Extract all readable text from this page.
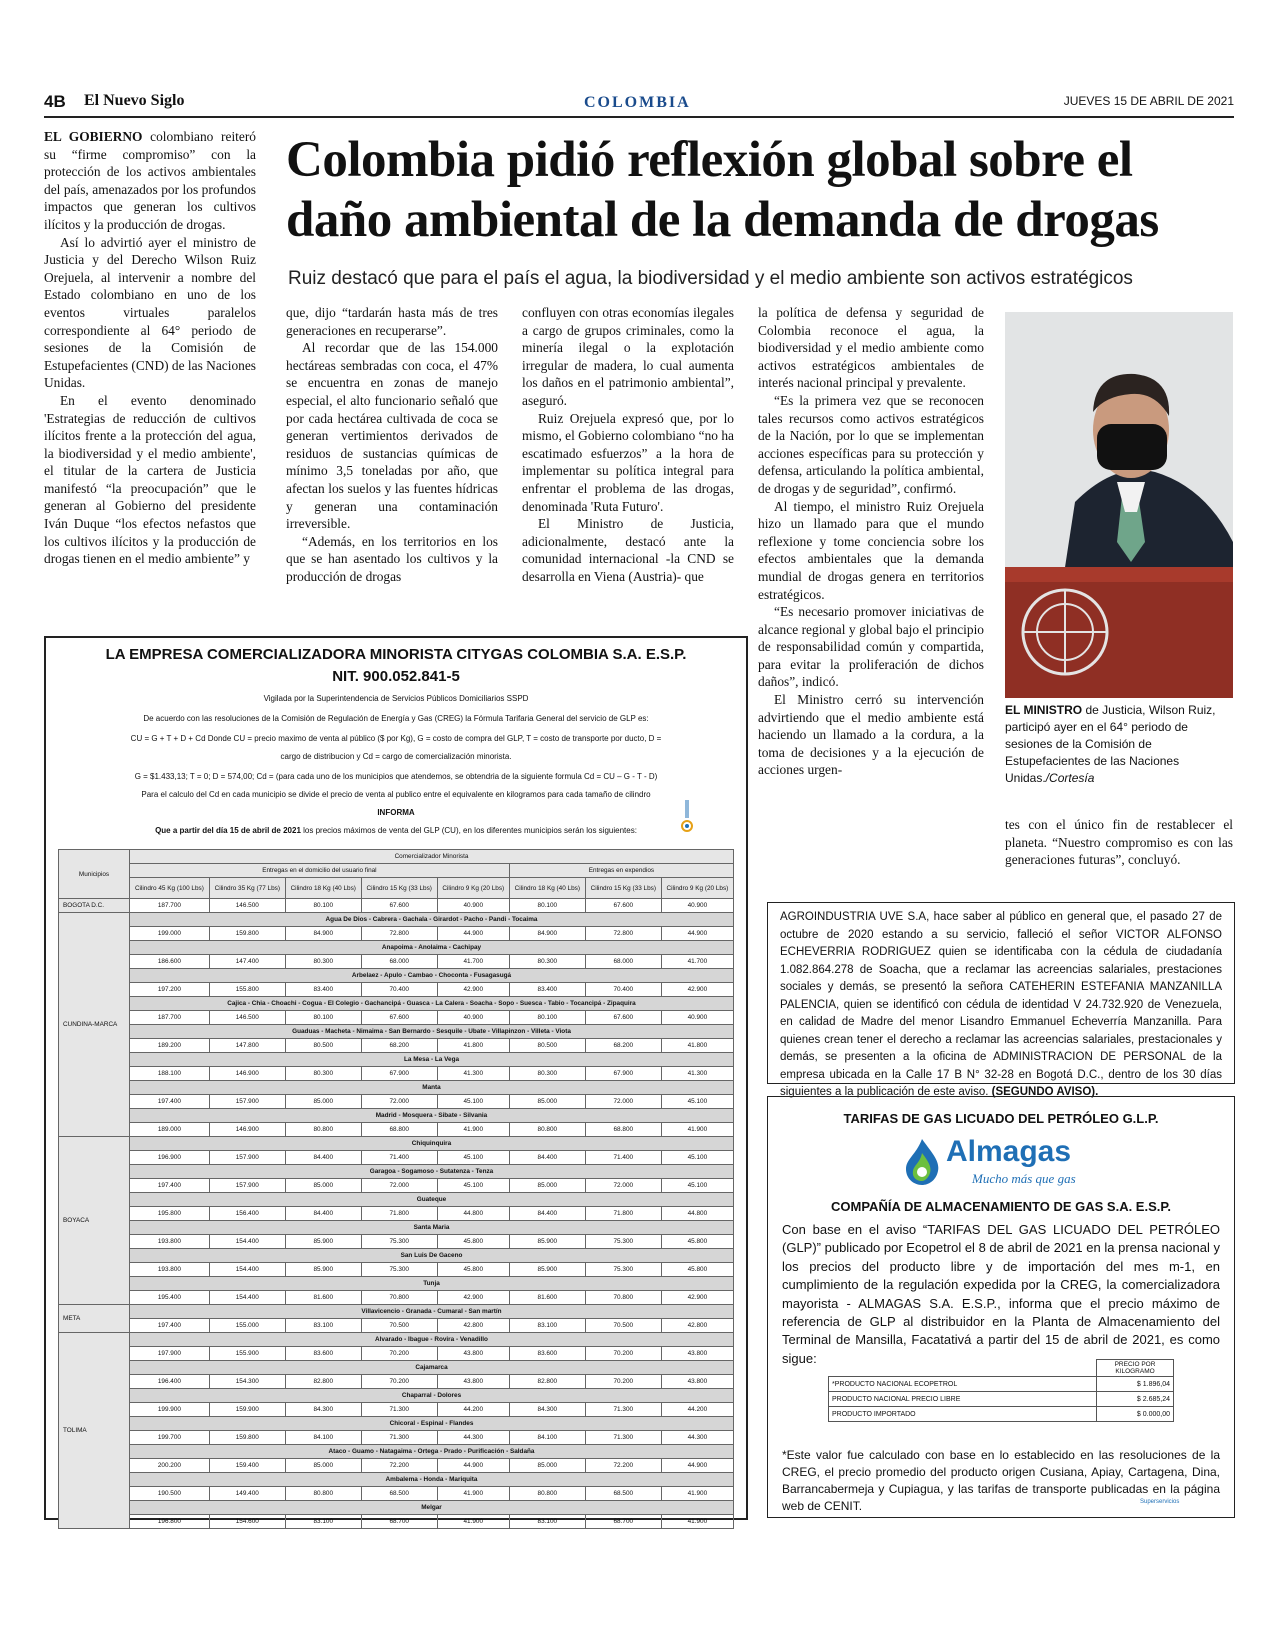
4B El Nuevo Siglo	COLOMBIA	JUEVES 15 DE ABRIL DE 2021

EL GOBIERNO colombiano reiteró su “firme compromiso” con la protección de los activos ambientales del país, amenazados por los profundos impactos que generan los cultivos ilícitos y la producción de drogas.

Así lo advirtió ayer el ministro de Justicia y del Derecho Wilson Ruiz Orejuela, al intervenir a nombre del Estado colombiano en uno de los eventos virtuales paralelos correspondiente al 64° periodo de sesiones de la Comisión de Estupefacientes (CND) de las Naciones Unidas.

En el evento denominado 'Estrategias de reducción de cultivos ilícitos frente a la protección del agua, la biodiversidad y el medio ambiente', el titular de la cartera de Justicia manifestó “la preocupación” que le generan al Gobierno del presidente Iván Duque “los efectos nefastos que los cultivos ilícitos y la producción de drogas tienen en el medio ambiente” y

Colombia pidió reflexión global sobre el
daño ambiental de la demanda de drogas
Ruiz destacó que para el país el agua, la biodiversidad y el medio ambiente son activos estratégicos

que, dijo “tardarán hasta más de tres generaciones en recuperarse”.

Al recordar que de las 154.000 hectáreas sembradas con coca, el 47% se encuentra en zonas de manejo especial, el alto funcionario señaló que por cada hectárea cultivada de coca se generan vertimientos derivados de residuos de sustancias químicas de mínimo 3,5 toneladas por año, que afectan los suelos y las fuentes hídricas y generan una contaminación irreversible.

“Además, en los territorios en los que se han asentado los cultivos y la producción de drogas

confluyen con otras economías ilegales a cargo de grupos criminales, como la minería ilegal o la explotación irregular de madera, lo cual aumenta los daños en el patrimonio ambiental”, aseguró.

Ruiz Orejuela expresó que, por lo mismo, el Gobierno colombiano “no ha escatimado esfuerzos” a la hora de implementar su política integral para enfrentar el problema de las drogas, denominada 'Ruta Futuro'.

El Ministro de Justicia, adicionalmente, destacó ante la comunidad internacional -la CND se desarrolla en Viena (Austria)- que

la política de defensa y seguridad de Colombia reconoce el agua, la biodiversidad y el medio ambiente como activos estratégicos ambientales de interés nacional principal y prevalente.

“Es la primera vez que se reconocen tales recursos como activos estratégicos de la Nación, por lo que se implementan acciones específicas para su protección y defensa, articulando la política ambiental, de drogas y de seguridad”, confirmó.

Al tiempo, el ministro Ruiz Orejuela hizo un llamado para que el mundo reflexione y tome conciencia sobre los efectos ambientales que la demanda mundial de drogas genera en territorios estratégicos.

“Es necesario promover iniciativas de alcance regional y global bajo el principio de responsabilidad común y compartida, para evitar la proliferación de dichos daños”, indicó.

El Ministro cerró su intervención advirtiendo que el medio ambiente está haciendo un llamado a la cordura, a la toma de decisiones y a la ejecución de acciones urgen-

tes con el único fin de restablecer el planeta. “Nuestro compromiso es con las generaciones futuras”, concluyó.

EL MINISTRO de Justicia, Wilson Ruiz, participó ayer en el 64° periodo de sesiones de la Comisión de Estupefacientes de las Naciones Unidas./Cortesía
LA EMPRESA COMERCIALIZADORA MINORISTA CITYGAS COLOMBIA S.A. E.S.P.
NIT. 900.052.841-5
Vigilada por la Superintendencia de Servicios Públicos Domiciliarios SSPD
De acuerdo con las resoluciones de la Comisión de Regulación de Energía y Gas (CREG) la Fórmula Tarifaria General del servicio de GLP es:
CU = G + T + D + Cd Donde CU = precio maximo de venta al público ($ por Kg), G = costo de compra del GLP, T = costo de transporte por ducto, D =
cargo de distribucion y Cd = cargo de comercialización minorista.
G = $1.433,13; T = 0; D = 574,00; Cd = (para cada uno de los municipios que atendemos, se obtendria de la siguiente formula Cd = CU – G - T - D)
Para el calculo del Cd en cada municipio se divide el precio de venta al publico entre el equivalente en kilogramos para cada tamaño de cilindro
INFORMA
Que a partir del día 15 de abril de 2021 los precios máximos de venta del GLP (CU), en los diferentes municipios serán los siguientes:
Municipios	Comercializador Minorista							
	Entregas en el domicilio del usuario final					Entregas en expendios		
	Cilindro 45 Kg (100 Lbs)	Cilindro 35 Kg (77 Lbs)	Cilindro 18 Kg (40 Lbs)	Cilindro 15 Kg (33 Lbs)	Cilindro 9 Kg (20 Lbs)	Cilindro 18 Kg (40 Lbs)	Cilindro 15 Kg (33 Lbs)	Cilindro 9 Kg (20 Lbs)
BOGOTA D.C.	187.700	146.500	80.100	67.600	40.900	80.100	67.600	40.900
CUNDINA-MARCA	Agua De Dios - Cabrera - Gachala - Girardot - Pacho - Pandi - Tocaima							
	199.000	159.800	84.900	72.800	44.900	84.900	72.800	44.900
	Anapoima - Anolaima - Cachipay							
	186.600	147.400	80.300	68.000	41.700	80.300	68.000	41.700
	Arbelaez - Apulo - Cambao - Choconta - Fusagasugá							
	197.200	155.800	83.400	70.400	42.900	83.400	70.400	42.900
	Cajica - Chia - Choachi - Cogua - El Colegio - Gachancipá - Guasca - La Calera - Soacha - Sopo - Suesca - Tabio - Tocancipá - Zipaquira							
	187.700	146.500	80.100	67.600	40.900	80.100	67.600	40.900
	Guaduas - Macheta - Nimaima - San Bernardo - Sesquile - Ubate - Villapinzon - Villeta - Viota							
	189.200	147.800	80.500	68.200	41.800	80.500	68.200	41.800
	La Mesa - La Vega							
	188.100	146.900	80.300	67.900	41.300	80.300	67.900	41.300
	Manta							
	197.400	157.900	85.000	72.000	45.100	85.000	72.000	45.100
	Madrid - Mosquera - Sibate - Silvania							
	189.000	146.900	80.800	68.800	41.900	80.800	68.800	41.900
BOYACA	Chiquinquira							
	196.900	157.900	84.400	71.400	45.100	84.400	71.400	45.100
	Garagoa - Sogamoso - Sutatenza - Tenza							
	197.400	157.900	85.000	72.000	45.100	85.000	72.000	45.100
	Guateque							
	195.800	156.400	84.400	71.800	44.800	84.400	71.800	44.800
	Santa Maria							
	193.800	154.400	85.900	75.300	45.800	85.900	75.300	45.800
	San Luis De Gaceno							
	193.800	154.400	85.900	75.300	45.800	85.900	75.300	45.800
	Tunja							
	195.400	154.400	81.600	70.800	42.900	81.600	70.800	42.900
META	Villavicencio - Granada - Cumaral - San martín							
	197.400	155.000	83.100	70.500	42.800	83.100	70.500	42.800
TOLIMA	Alvarado - Ibague - Rovira - Venadillo							
	197.900	155.900	83.600	70.200	43.800	83.600	70.200	43.800
	Cajamarca							
	196.400	154.300	82.800	70.200	43.800	82.800	70.200	43.800
	Chaparral - Dolores							
	199.900	159.900	84.300	71.300	44.200	84.300	71.300	44.200
	Chicoral - Espinal - Flandes							
	199.700	159.800	84.100	71.300	44.300	84.100	71.300	44.300
	Ataco - Guamo - Natagaima - Ortega - Prado - Purificación - Saldaña							
	200.200	159.400	85.000	72.200	44.900	85.000	72.200	44.900
	Ambalema - Honda - Mariquita							
	190.500	149.400	80.800	68.500	41.900	80.800	68.500	41.900
	Melgar							
	196.800	154.600	83.100	68.700	41.900	83.100	68.700	41.900
AGROINDUSTRIA UVE S.A, hace saber al público en general que, el pasado 27 de octubre de 2020 estando a su servicio, falleció el señor VICTOR ALFONSO ECHEVERRIA RODRIGUEZ quien se identificaba con la cédula de ciudadanía 1.082.864.278 de Soacha, que a reclamar las acreencias salariales, prestaciones sociales y demás, se presentó la señora CATEHERIN ESTEFANIA MANZANILLA PALENCIA, quien se identificó con cédula de identidad V 24.732.920 de Venezuela, en calidad de Madre del menor Lisandro Emmanuel Echeverría Manzanilla. Para quienes crean tener el derecho a reclamar las acreencias salariales, prestacionales y demás, se presenten a la oficina de ADMINISTRACION DE PERSONAL de la empresa ubicada en la Calle 17 B N° 32-28 en Bogotá D.C., dentro de los 30 días siguientes a la publicación de este aviso. (SEGUNDO AVISO).
TARIFAS DE GAS LICUADO DEL PETRÓLEO G.L.P.
Almagas
Mucho más que gas
COMPAÑÍA DE ALMACENAMIENTO DE GAS S.A. E.S.P.
Con base en el aviso “TARIFAS DEL GAS LICUADO DEL PETRÓLEO (GLP)” publicado por Ecopetrol el 8 de abril de 2021 en la prensa nacional y los precios del producto libre y de importación del mes m-1, en cumplimiento de la regulación expedida por la CREG, la comercializadora mayorista - ALMAGAS S.A. E.S.P., informa que el precio máximo de referencia de GLP al distribuidor en la Planta de Almacenamiento del Terminal de Mansilla, Facatativá a partir del 15 de abril de 2021, es como sigue:
		PRECIO POR KILOGRAMO
*PRODUCTO NACIONAL ECOPETROL	$ 1.896,04
PRODUCTO NACIONAL PRECIO LIBRE	$ 2.685,24
PRODUCTO IMPORTADO	$ 0.000,00
*Este valor fue calculado con base en lo establecido en las resoluciones de la CREG, el precio promedio del producto origen Cusiana, Apiay, Cartagena, Dina, Barrancabermeja y Cupiagua, y las tarifas de transporte publicadas en la página web de CENIT.	Superservicios
